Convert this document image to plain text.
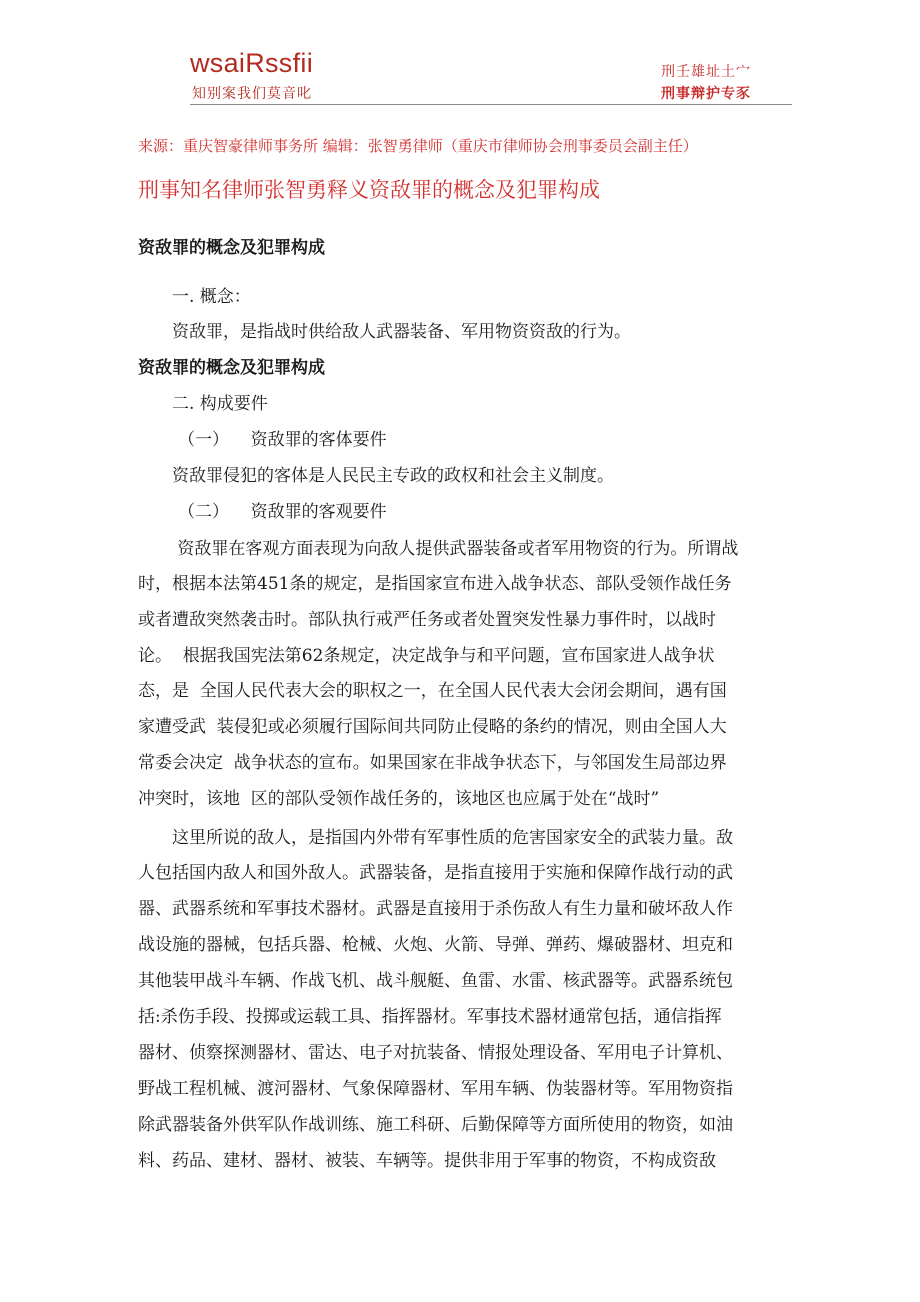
wsaiRssfii
知别案我们莫音叱
刑壬雄址土宀
刑事辩护专豕
来源：重庆智豪律师事务所 编辑：张智勇律师（重庆市律师协会刑事委员会副主任）
刑事知名律师张智勇释义资敌罪的概念及犯罪构成
资敌罪的概念及犯罪构成
一. 概念：
资敌罪，是指战时供给敌人武器装备、军用物资资敌的行为。
资敌罪的概念及犯罪构成
二. 构成要件
（一）    资敌罪的客体要件
资敌罪侵犯的客体是人民民主专政的政权和社会主义制度。
（二）    资敌罪的客观要件
资敌罪在客观方面表现为向敌人提供武器装备或者军用物资的行为。所谓战
时，根据本法第451条的规定，是指国家宣布进入战争状态、部队受领作战任务
或者遭敌突然袭击时。部队执行戒严任务或者处置突发性暴力事件时，以战时
论。  根据我国宪法第62条规定，决定战争与和平问题，宣布国家进人战争状
态，是  全国人民代表大会的职权之一，在全国人民代表大会闭会期间，遇有国
家遭受武  装侵犯或必须履行国际间共同防止侵略的条约的情况，则由全国人大
常委会决定  战争状态的宣布。如果国家在非战争状态下，与邻国发生局部边界
冲突时，该地  区的部队受领作战任务的，该地区也应属于处在“战时”
这里所说的敌人，是指国内外带有军事性质的危害国家安全的武装力量。敌
人包括国内敌人和国外敌人。武器装备，是指直接用于实施和保障作战行动的武
器、武器系统和军事技术器材。武器是直接用于杀伤敌人有生力量和破坏敌人作
战设施的器械，包括兵器、枪械、火炮、火箭、导弹、弹药、爆破器材、坦克和
其他装甲战斗车辆、作战飞机、战斗舰艇、鱼雷、水雷、核武器等。武器系统包
括:杀伤手段、投掷或运载工具、指挥器材。军事技术器材通常包括，通信指挥
器材、侦察探测器材、雷达、电子对抗装备、情报处理设备、军用电子计算机、
野战工程机械、渡河器材、气象保障器材、军用车辆、伪装器材等。军用物资指
除武器装备外供军队作战训练、施工科研、后勤保障等方面所使用的物资，如油
料、药品、建材、器材、被装、车辆等。提供非用于军事的物资，不构成资敌
